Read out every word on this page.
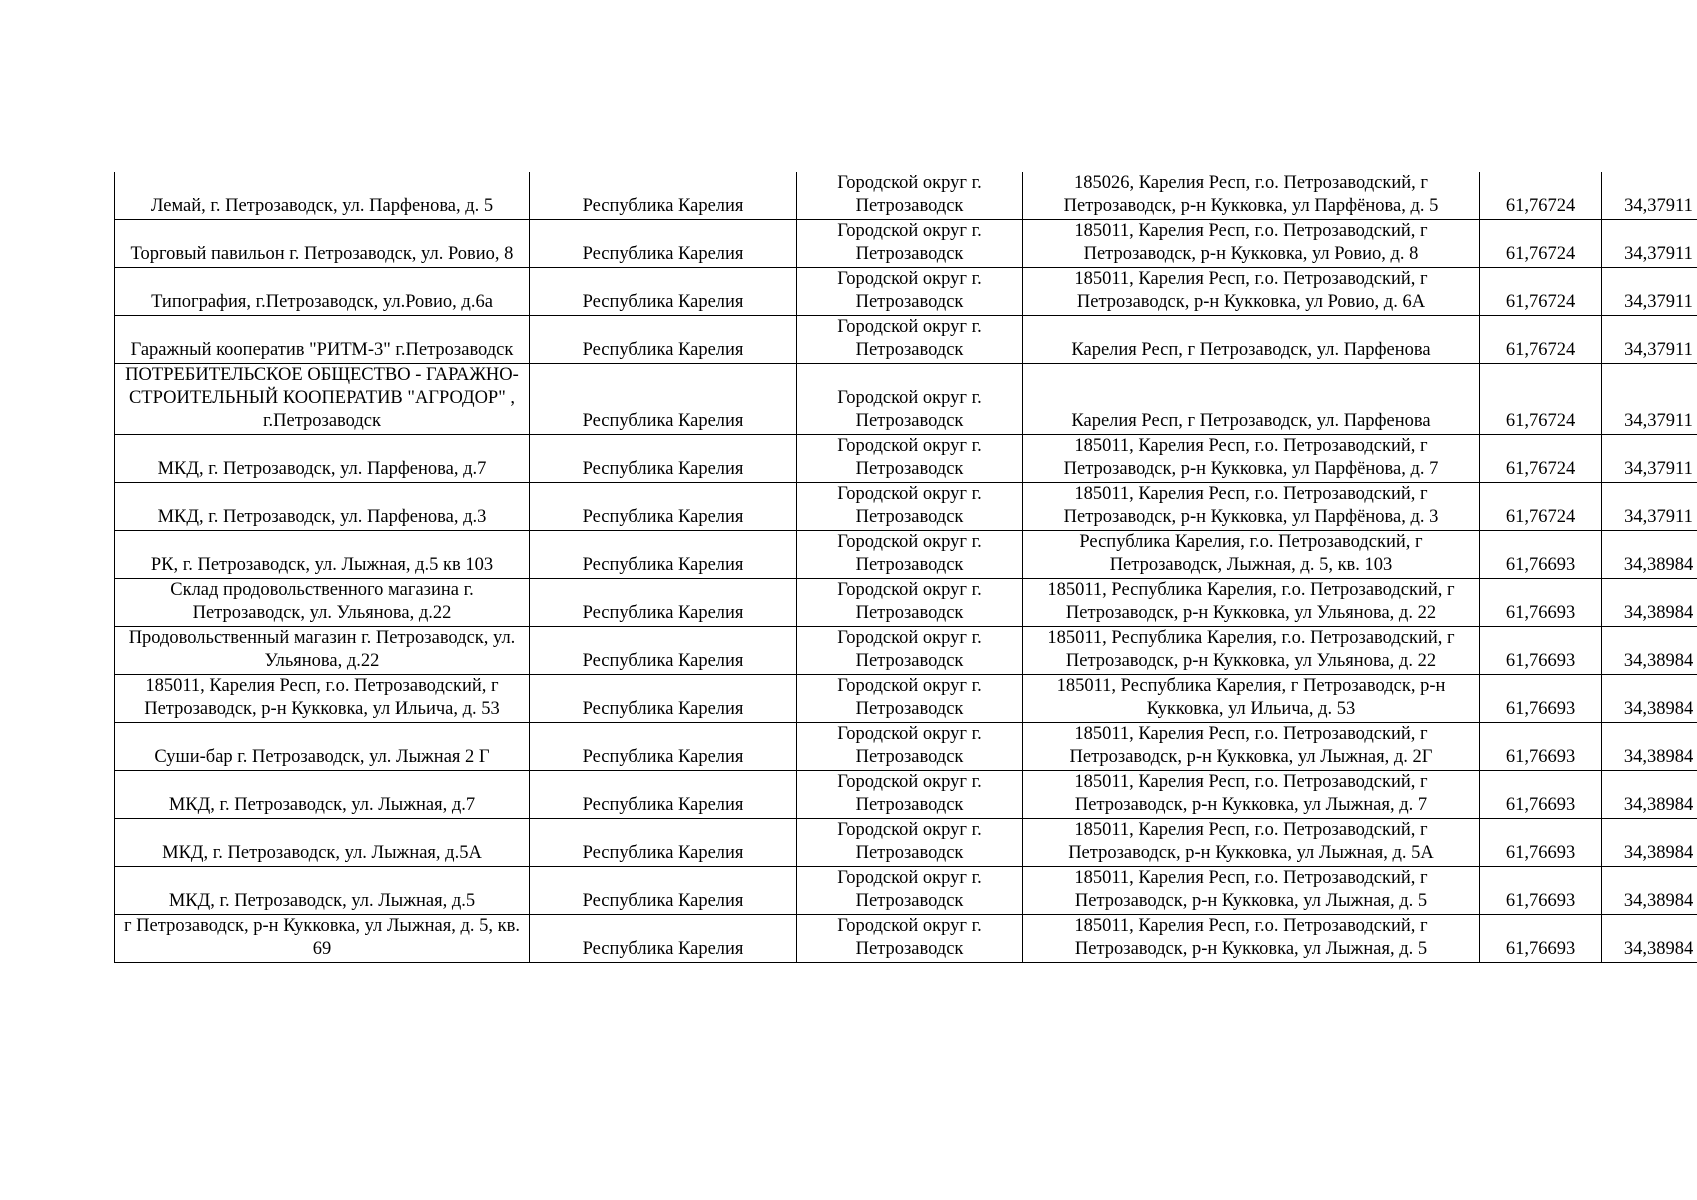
Лемай, г. Петрозаводск, ул. Парфенова, д. 5	Республика Карелия	Городской округ г. Петрозаводск	185026, Карелия Респ, г.о. Петрозаводский, г Петрозаводск, р-н Кукковка, ул Парфёнова, д. 5	61,76724	34,37911

Торговый павильон г. Петрозаводск, ул. Ровио, 8	Республика Карелия	Городской округ г. Петрозаводск	185011, Карелия Респ, г.о. Петрозаводский, г Петрозаводск, р-н Кукковка, ул Ровио, д. 8	61,76724	34,37911

Типография, г.Петрозаводск, ул.Ровио, д.6а	Республика Карелия	Городской округ г. Петрозаводск	185011, Карелия Респ, г.о. Петрозаводский, г Петрозаводск, р-н Кукковка, ул Ровио, д. 6А	61,76724	34,37911

Гаражный кооператив "РИТМ-3" г.Петрозаводск	Республика Карелия	Городской округ г. Петрозаводск	Карелия Респ, г Петрозаводск, ул. Парфенова	61,76724	34,37911

ПОТРЕБИТЕЛЬСКОЕ ОБЩЕСТВО - ГАРАЖНО-СТРОИТЕЛЬНЫЙ КООПЕРАТИВ "АГРОДОР" , г.Петрозаводск	Республика Карелия	Городской округ г. Петрозаводск	Карелия Респ, г Петрозаводск, ул. Парфенова	61,76724	34,37911

МКД, г. Петрозаводск, ул. Парфенова, д.7	Республика Карелия	Городской округ г. Петрозаводск	185011, Карелия Респ, г.о. Петрозаводский, г Петрозаводск, р-н Кукковка, ул Парфёнова, д. 7	61,76724	34,37911

МКД, г. Петрозаводск, ул. Парфенова, д.3	Республика Карелия	Городской округ г. Петрозаводск	185011, Карелия Респ, г.о. Петрозаводский, г Петрозаводск, р-н Кукковка, ул Парфёнова, д. 3	61,76724	34,37911

РК, г. Петрозаводск, ул. Лыжная, д.5 кв 103	Республика Карелия	Городской округ г. Петрозаводск	Республика Карелия, г.о. Петрозаводский, г Петрозаводск, Лыжная, д. 5, кв. 103	61,76693	34,38984

Склад продовольственного магазина г. Петрозаводск, ул. Ульянова, д.22	Республика Карелия	Городской округ г. Петрозаводск	185011, Республика Карелия, г.о. Петрозаводский, г Петрозаводск, р-н Кукковка, ул Ульянова, д. 22	61,76693	34,38984

Продовольственный магазин г. Петрозаводск, ул. Ульянова, д.22	Республика Карелия	Городской округ г. Петрозаводск	185011, Республика Карелия, г.о. Петрозаводский, г Петрозаводск, р-н Кукковка, ул Ульянова, д. 22	61,76693	34,38984

185011, Карелия Респ, г.о. Петрозаводский, г Петрозаводск, р-н Кукковка, ул Ильича, д. 53	Республика Карелия	Городской округ г. Петрозаводск	185011, Республика Карелия, г Петрозаводск, р-н Кукковка, ул Ильича, д. 53	61,76693	34,38984

Суши-бар г. Петрозаводск, ул. Лыжная 2 Г	Республика Карелия	Городской округ г. Петрозаводск	185011, Карелия Респ, г.о. Петрозаводский, г Петрозаводск, р-н Кукковка, ул Лыжная, д. 2Г	61,76693	34,38984

МКД, г. Петрозаводск, ул. Лыжная, д.7	Республика Карелия	Городской округ г. Петрозаводск	185011, Карелия Респ, г.о. Петрозаводский, г Петрозаводск, р-н Кукковка, ул Лыжная, д. 7	61,76693	34,38984

МКД, г. Петрозаводск, ул. Лыжная, д.5А	Республика Карелия	Городской округ г. Петрозаводск	185011, Карелия Респ, г.о. Петрозаводский, г Петрозаводск, р-н Кукковка, ул Лыжная, д. 5А	61,76693	34,38984

МКД, г. Петрозаводск, ул. Лыжная, д.5	Республика Карелия	Городской округ г. Петрозаводск	185011, Карелия Респ, г.о. Петрозаводский, г Петрозаводск, р-н Кукковка, ул Лыжная, д. 5	61,76693	34,38984

г Петрозаводск, р-н Кукковка, ул Лыжная, д. 5, кв. 69	Республика Карелия	Городской округ г. Петрозаводск	185011, Карелия Респ, г.о. Петрозаводский, г Петрозаводск, р-н Кукковка, ул Лыжная, д. 5	61,76693	34,38984
